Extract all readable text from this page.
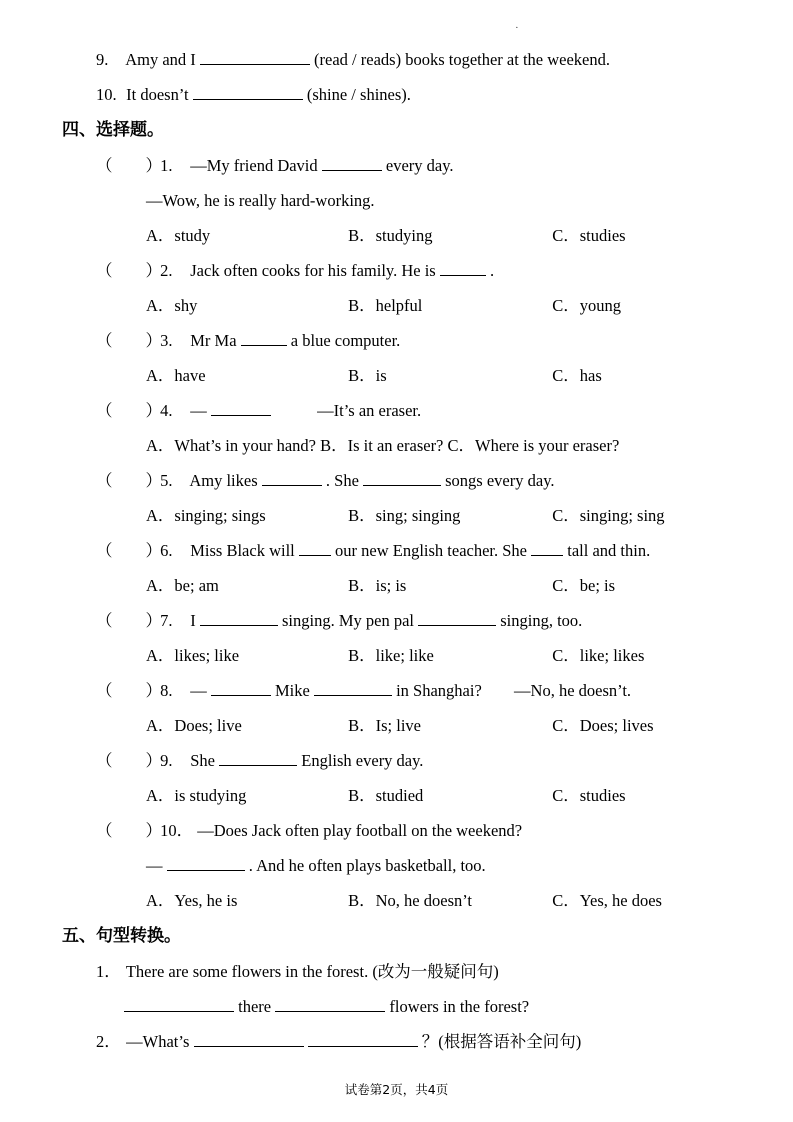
·
9. Amy and I	(read / reads) books together at the weekend.
10. It doesn’t	(shine / shines).
四、选择题。
（　　） 1. —My friend David	every day.
—Wow, he is really hard-working.
A．study	B．studying	C．studies
（　　） 2. Jack often cooks for his family. He is	.
A．shy	B．helpful	C．young
（　　） 3. Mr Ma	a blue computer.
A．have	B．is	C．has
（　　） 4. —	—It’s an eraser.
A．What’s in your hand? B．Is it an eraser? C．Where is your eraser?
（　　） 5. Amy likes	. She	songs every day.
A．singing; sings	B．sing; singing	C．singing; sing
（　　） 6. Miss Black will our new English teacher. She tall and thin.
A．be; am	B．is; is	C．be; is
（　　） 7. I	singing. My pen pal	singing, too.
A．likes; like	B．like; like	C．like; likes
（　　） 8. —	Mike	in Shanghai? —No, he doesn’t.
A．Does; live	B．Is; live	C．Does; lives
（　　） 9. She	English every day.
A．is studying	B．studied	C．studies
（　　） 10． —Does Jack often play football on the weekend?
—	. And he often plays basketball, too.
A．Yes, he is	B．No, he doesn’t	C．Yes, he does
五、句型转换。
1． There are some flowers in the forest. (改为一般疑问句)
there	flowers in the forest?
2． —What’s	？(根据答语补全问句)
试卷第2页，共4页
